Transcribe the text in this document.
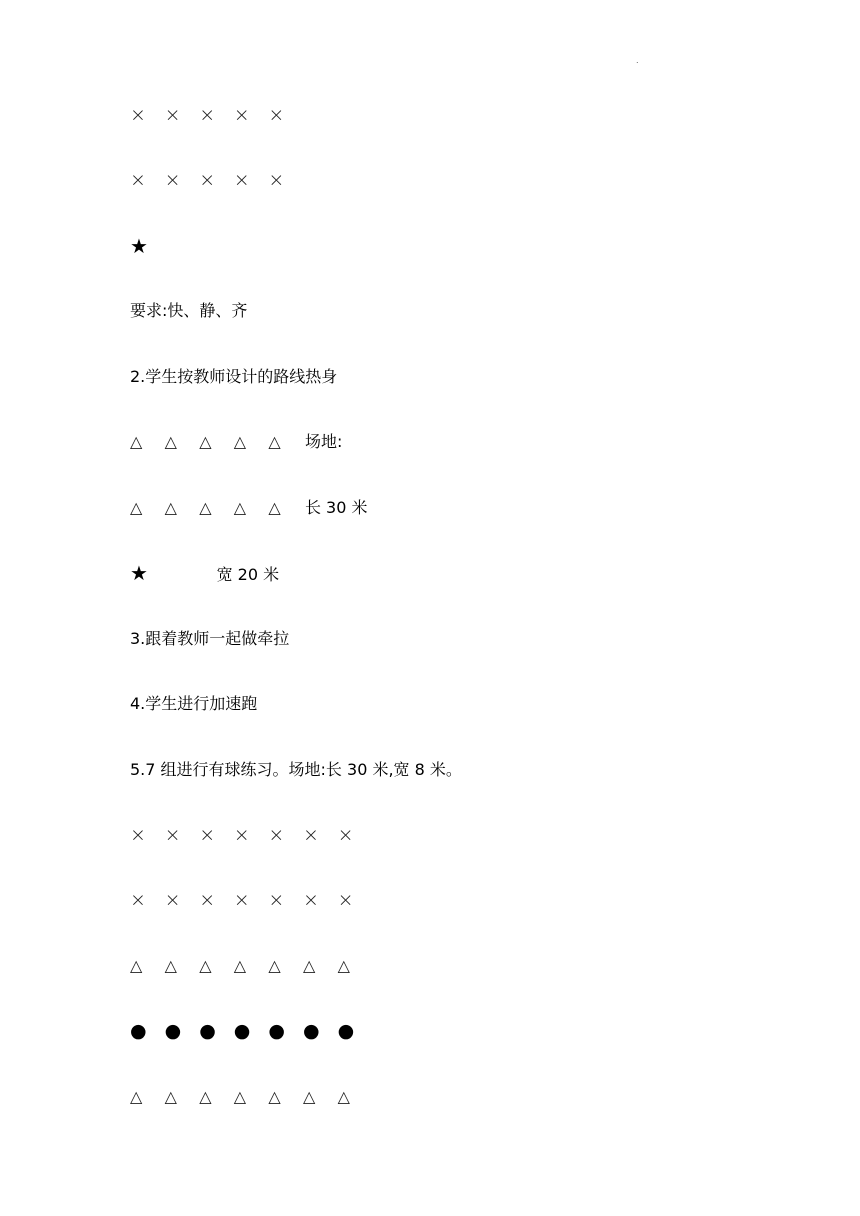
.
× × × × ×
× × × × ×
★
要求:快、静、齐
2.学生按教师设计的路线热身
△ △ △ △ △ 场地:
△ △ △ △ △ 长 30 米
★	宽 20 米
3.跟着教师一起做牵拉
4.学生进行加速跑
5.7 组进行有球练习。场地:长 30 米,宽 8 米。
× × × × × × ×
× × × × × × ×
△ △ △ △ △ △ △
● ● ● ● ● ● ●
△ △ △ △ △ △ △
